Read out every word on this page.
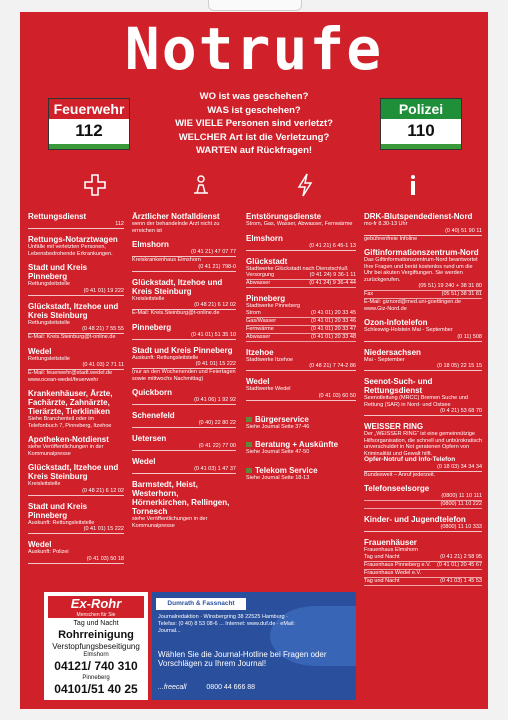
Notrufe
WO ist was geschehen?
WAS ist geschehen?
WIE VIELE Personen sind verletzt?
WELCHER Art ist die Verletzung?
WARTEN auf Rückfragen!
Feuerwehr
112
Polizei
110
Rettungsdienst
112
Rettungs-Notarztwagen
Unfälle mit verletzten Personen, Lebensbedrohende Erkrankungen.
Stadt und Kreis Pinneberg
Rettungsleitstelle
(0 41 01) 19 222
Glückstadt, Itzehoe und Kreis Steinburg
Rettungsleitstelle
(0 48 21) 7 55 55
E-Mail: Kreis.Steinburg@t-online.de
Wedel
Rettungsleitstelle
(0 41 03) 2 71 11
E-Mail: feuerwehr@stadt.wedel.de www.ocean-wedel/feuerwehr
Krankenhäuser, Ärzte, Fachärzte, Zahnärzte, Tierärzte, Tierkliniken
Siehe Branchenteil oder im Telefonbuch 7, Pinneberg, Itzehoe
Apotheken-Notdienst
siehe Veröffentlichungen in der Kommunalpresse
Glückstadt, Itzehoe und Kreis Steinburg
Kreisleitstelle
(0 48 21) 6 12 02
Stadt und Kreis Pinneberg
Auskunft: Rettungsleitstelle
(0 41 01) 15 222
Wedel
Auskunft: Polizei
(0 41 03) 50 18
Ärztlicher Notfalldienst
wenn der behandelnde Arzt nicht zu erreichen ist
Elmshorn
(0 41 21) 47 07 77
Kreiskrankenhaus Elmshorn
(0 41 21) 798-0
Glückstadt, Itzehoe und Kreis Steinburg
Kreisleitstelle
(0 48 21) 6 12 02
E-Mail: Kreis.Steinburg@t-online.de
Pinneberg
(0 41 01) 51 35 10
Stadt und Kreis Pinneberg
Auskunft: Rettungsleitstelle
(0 41 01) 15 222
(nur an den Wochenenden und Feiertagen sowie mittwochs Nachmittag)
Quickborn
(0 41 06) 1 92 92
Schenefeld
(0 40) 22 80 22
Uetersen
(0 41 22) 77 00
Wedel
(0 41 03) 1 47 37
Barmstedt, Heist, Westerhorn, Hörnerkirchen, Rellingen, Tornesch
siehe Veröffentlichungen in der Kommunalpresse
Entstörungsdienste
Strom, Gas, Wasser, Abwasser, Fernwärme
Elmshorn
(0 41 21) 6 45-1 13
Glückstadt
Stadtwerke Glückstadt nach Dienstschluß
Versorgung	(0 41 24) 9 36-1 11
Abwasser	(0 41 24) 9 36-4 44
Pinneberg
Stadtwerke Pinneberg
Strom	(0 41 01) 20 33 45
Gas/Wasser	(0 41 01) 20 33 46
Fernwärme	(0 41 01) 20 33 47
Abwasser	(0 41 01) 20 33 48
Itzehoe
Stadtwerke Itzehoe
(0 48 21) 7 74-2 86
Wedel
Stadtwerke Wedel
(0 41 03) 60 50
Bürgerservice
Siehe Journal Seite 37-46
Beratung + Auskünfte
Siehe Journal Seite 47-50
Telekom Service
Siehe Journal Seite 18-13
DRK-Blutspendedienst-Nord
mo-fr 8.30-13 Uhr
(0 40) 51 90 11
gebührenfreie Infoline
Giftinformationszentrum-Nord
Das Giftinformationszentrum-Nord beantwortet Ihre Fragen und berät kostenlos rund um die Uhr bei akuten Vergiftungen. Sie werden zurückgerufen.
(05 51) 19 240 + 38 31 80
Fax	(05 51) 38 31 81
E-Mail: giznord@med.uni-goettingen.de www.Giz-Nord.de
Ozon-Infotelefon
Schleswig-Holstein Mai - September
(0 11) 508
Niedersachsen
Mai - September
(0 18 05) 22 15 15
Seenot-Such- und Rettungsdienst
Seenotleitung (MRCC) Bremen Suche und Rettung (SAR) in Nord- und Ostsee
(0 4 21) 53 68 70
WEISSER RING
Der „WEISSER RING“ ist eine gemeinnützige Hilfsorganisation, die schnell und unbürokratisch unverschuldet in Not geratenen Opfern von Kriminalität und Gewalt hilft.
Opfer-Notruf und Info-Telefon
(0 18 03) 34 34 34
Bundesweit – Anruf jederzeit.
Telefonseelsorge
(0800) 11 10 111
(0800) 11 10 222
Kinder- und Jugendtelefon
(0800) 11 10 333
Frauenhäuser
Frauenhaus Elmshorn
Tag und Nacht	(0 41 21) 2 58 95
Frauenhaus Pinneberg e.V. (0 41 01) 20 45 67
Frauenhaus Wedel e.V.
Tag und Nacht	(0 41 03) 1 45 53
Ex-Rohr
Menschen für Sie
Tag und Nacht
Rohrreinigung
Verstopfungsbeseitigung
Elmshorn
04121/ 740 310
Pinneberg
04101/51 40 25
Dumrath & Fassnacht
Journalredaktion · Winsbergring 38 22525 Hamburg · Telefax: (0 40) 8 53 08-6 ... Internet: www.duf.de · eMail: Journal...
Wählen Sie die Journal-Hotline bei Fragen oder Vorschlägen zu Ihrem Journal!
...freecall	0800 44 666 88
